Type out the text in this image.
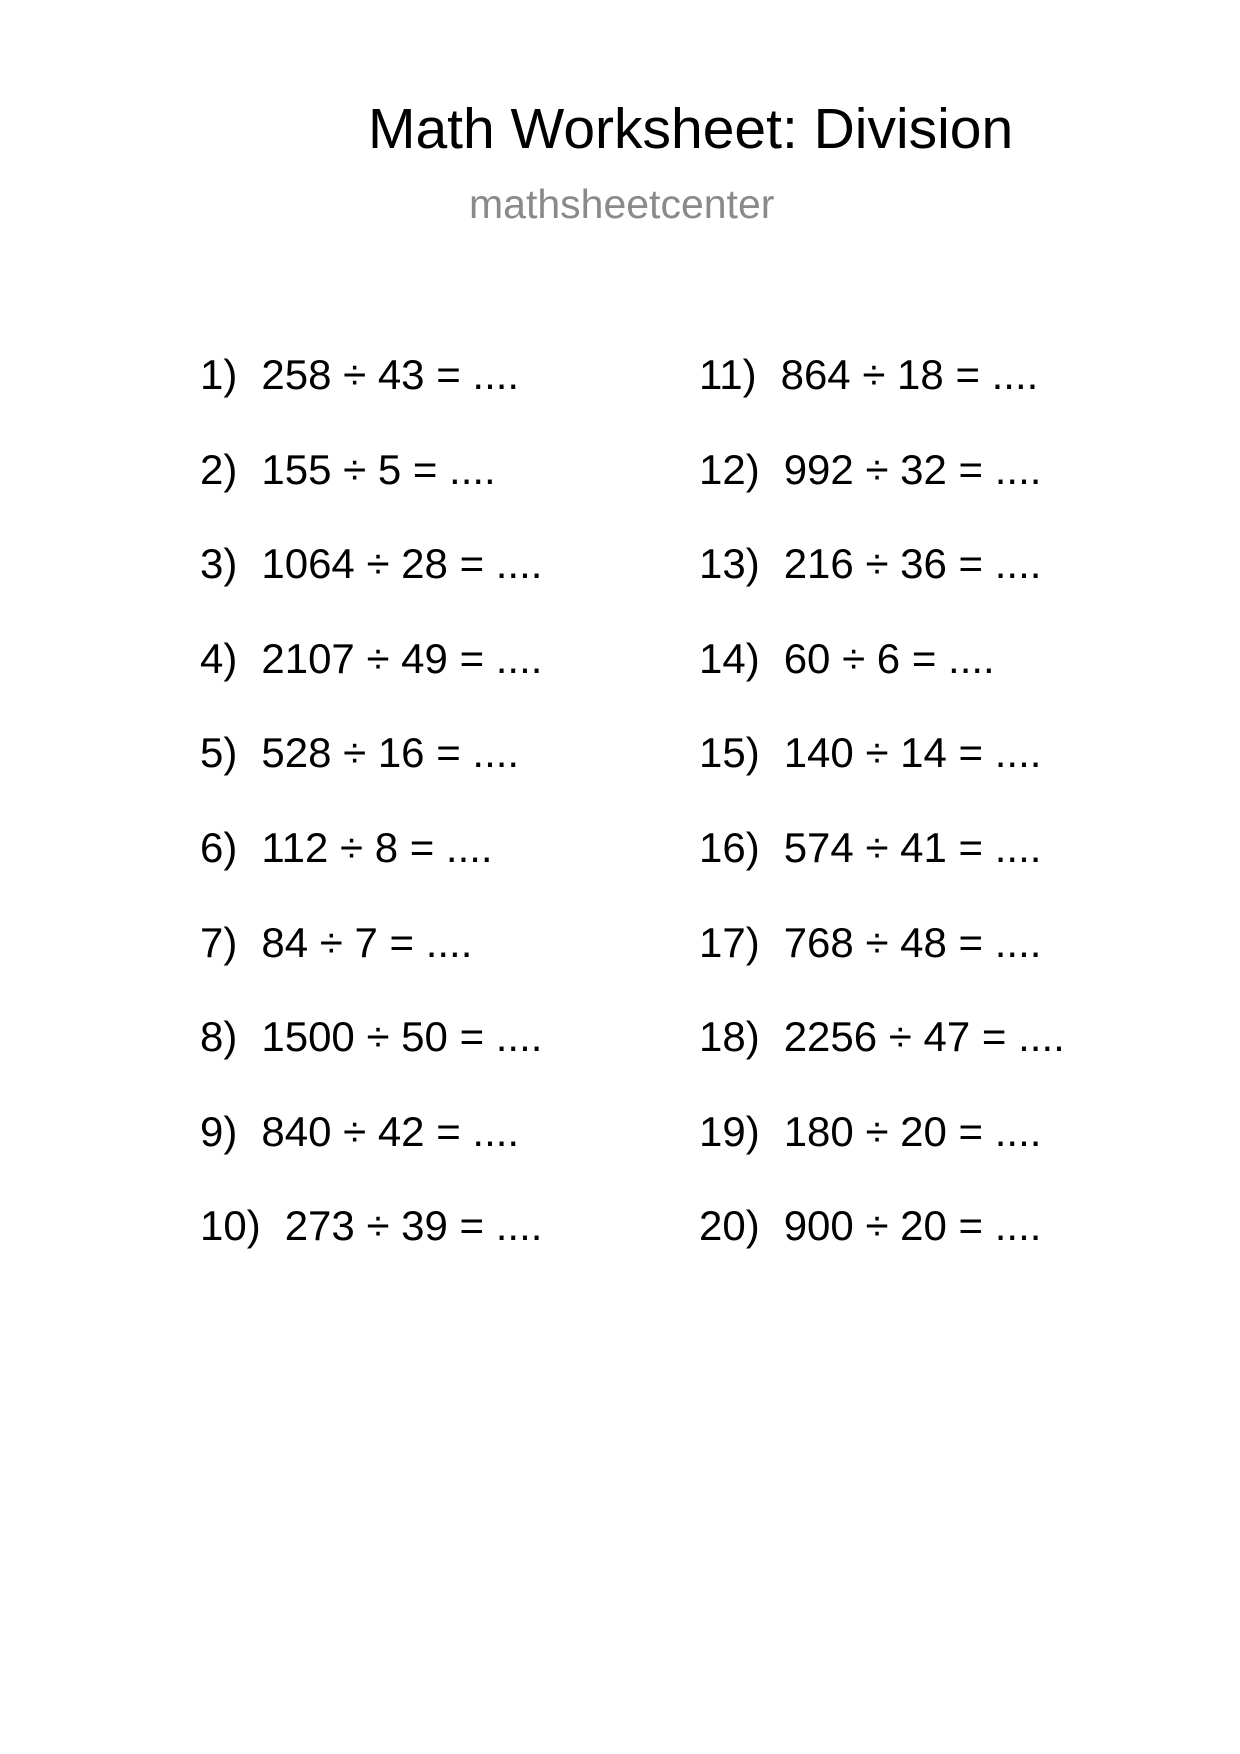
Math Worksheet: Division
mathsheetcenter
1) 258 ÷ 43 = ....
2) 155 ÷ 5 = ....
3) 1064 ÷ 28 = ....
4) 2107 ÷ 49 = ....
5) 528 ÷ 16 = ....
6) 112 ÷ 8 = ....
7) 84 ÷ 7 = ....
8) 1500 ÷ 50 = ....
9) 840 ÷ 42 = ....
10) 273 ÷ 39 = ....
11) 864 ÷ 18 = ....
12) 992 ÷ 32 = ....
13) 216 ÷ 36 = ....
14) 60 ÷ 6 = ....
15) 140 ÷ 14 = ....
16) 574 ÷ 41 = ....
17) 768 ÷ 48 = ....
18) 2256 ÷ 47 = ....
19) 180 ÷ 20 = ....
20) 900 ÷ 20 = ....
